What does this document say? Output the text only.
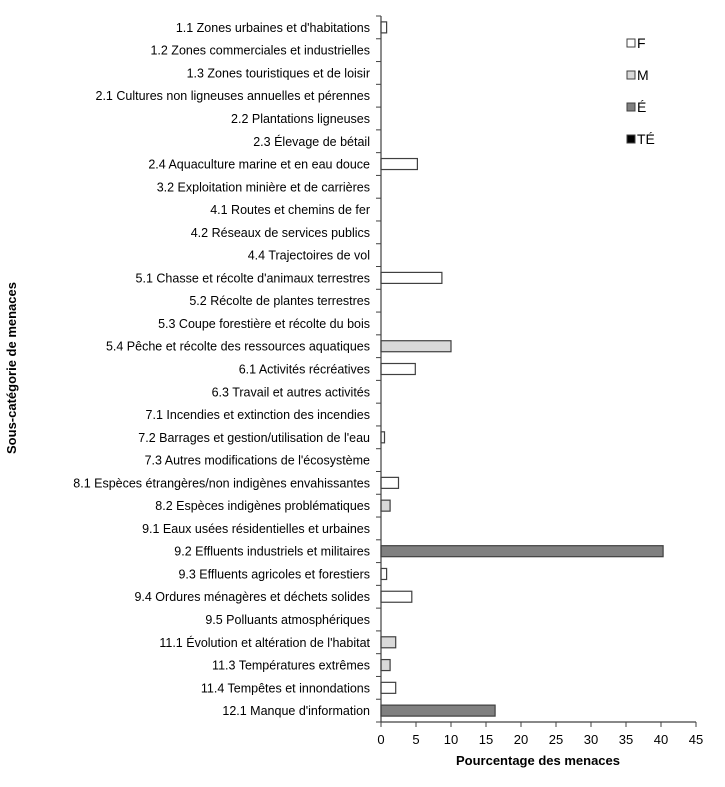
1.1 Zones urbaines et d'habitations
1.2 Zones commerciales et industrielles
1.3 Zones touristiques et de loisir
2.1 Cultures non ligneuses annuelles et pérennes
2.2 Plantations ligneuses
2.3 Élevage de bétail
2.4 Aquaculture marine et en eau douce
3.2 Exploitation minière et de carrières
4.1 Routes et chemins de fer
4.2 Réseaux de services publics
4.4 Trajectoires de vol
5.1 Chasse et récolte d'animaux terrestres
5.2 Récolte de plantes terrestres
5.3 Coupe forestière et récolte du bois
5.4 Pêche et récolte des ressources aquatiques
6.1 Activités récréatives
6.3 Travail et autres activités
7.1 Incendies et extinction des incendies
7.2 Barrages et gestion/utilisation de l'eau
7.3 Autres modifications de l'écosystème
8.1 Espèces étrangères/non indigènes envahissantes
8.2 Espèces indigènes problématiques
9.1 Eaux usées résidentielles et urbaines
9.2 Effluents industriels et militaires
9.3 Effluents agricoles et forestiers
9.4 Ordures ménagères et déchets solides
9.5 Polluants atmosphériques
11.1 Évolution et altération de l'habitat
11.3 Températures extrêmes
11.4 Tempêtes et innondations
12.1 Manque d'information
0 5 10 15 20 25 30 35 40 45
Pourcentage des menaces
Sous-catégorie de menaces
F
M
É
TÉ
